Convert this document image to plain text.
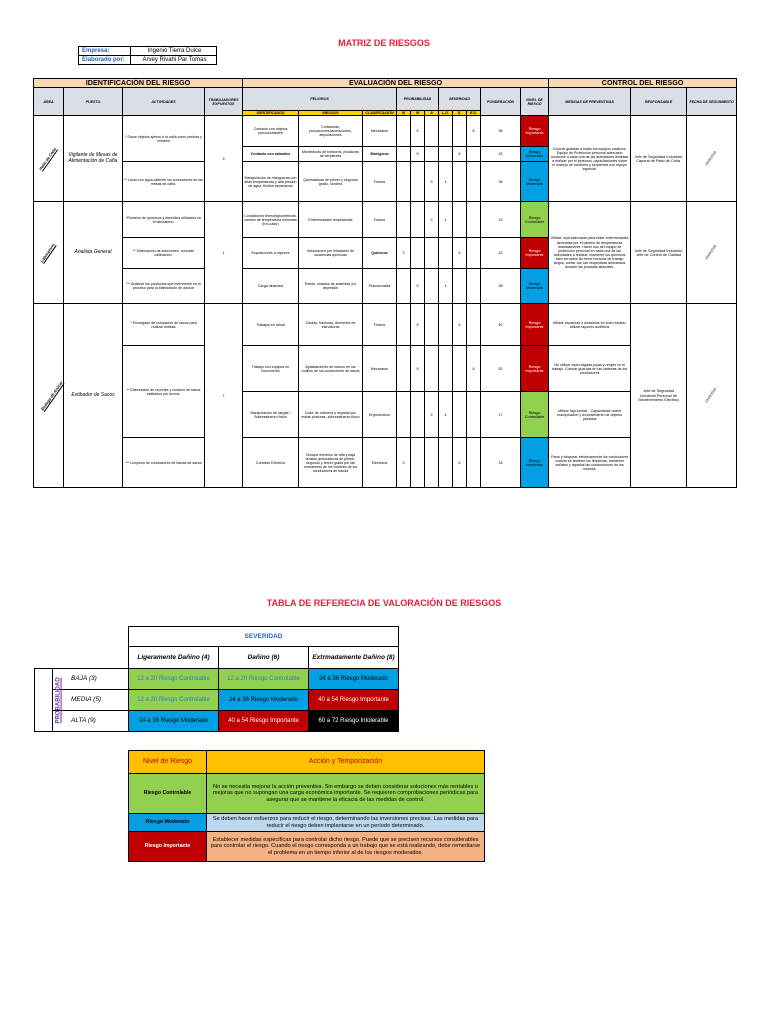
MATRIZ DE RIESGOS
Empresa:	Ingenio Tierra Dulce
Elaborado por:	Arvey Rivahi Par Tomas
IDENTIFICACIÓN DEL RIESGO				EVALUACIÓN DEL RIESGO											CONTROL DEL RIESGO		
ÁREA	PUESTO	ACTIVIDADES	TRABAJADORES EXPUESTOS	PELIGROS			PROBABILIDAD			SEVERIDAD			PONDERACIÓN	NIVEL DE RIESGO	MEDIDAS DE PREVENTIVAS	RESPONSABLE	FECHA DE SEGUIMIENTO
				IDENTIFICADOS	RIESGOS	CLASIFICACIÓN	B	M	A	L.D.	D.	E.D.					
Patio de Caña	Vigilante de Mesas de Alimentación de Caña	* Sacar objetos ajenos a la caña como piedras y metales	3	Contacto con objetos punzocortantes	Cortaduras, punzaciones,laceraciones, amputaciones	Mecánicos		5				8	58	Riesgo Importante	Colocar guardas a todas los equipos rotativos. Equipo de Protección personal adecuado conforme a cada una de las actividades distintas a realizar por el personal, capacitaciones sobre el manejo de roedores y serpientes con equipo especial.	Jefe de Seguridad Industrial, Caporal de Patio de Caña.	12/05/2019
				Contacto con animales	Mordeduras de roedores, picaduras de serpientes	Biológicos		5			6		25	Riesgo Moderado			
		** Lavar con agua caliente los conductores de las mesas de caña.		Manipulación de mangueras con altas temperaturas y alta presión de agua, fluidos expansivos	Quemaduras de primer y segundo grado, sordera	Físicos			9	4			36	Riesgo Moderado			
Laboratorio	Analista General	*Revisión de químicos y utensilios utilizados en el laboratorio.	1	Condiciones termohigrométricas, cambio de temperatura extremas (frío-calor)	Enfermedades respiratorias	Físicos			9	4			15	Riesgo Controlable	Utilizar ropa adecuada para evitar enfermedades derivadas por el cambio de temperaturas drásticamente. Hacer uso del equipo de protección personal en cada una de las actividades a realizar, mantener los químicos bien cerrados No tener horarios de trabajo largos, contar con las respectivas descansos durante las jornadas laborales.	Jefe de Seguridad Industrial, Jefe de Control de Calidad	12/05/2019
		** Elaboración de soluciones, cuncade calibración.		Exposiciones a vapores	Intoxicación por inhalación de sustancias químicas	Químicos	3				6		42	Riesgo Importante			
		*** Analizar los productos que intervienen en el proceso para la elaboración de azúcar		Carga dinámica	Estrés, estados de ansiedad y/o depresión	Psicosociales		5		4			28	Riesgo Moderado			
Bodega de Azúcar	Estibador de Sacos	* Encargado de colocación de sacos para realizar estibas	7	Trabajos en altura	Caídas, fracturas, derrumbe de estructuras	Físicos		5			6		40	Riesgo Importante	Utilizar escaleras o andamios en buen estado, utilizar tapones auditivos	Jefe de Seguridad Industrial,Personal de Mantenimiento Eléctrico	12/05/2019
		** Elaboración de reportes y cuadros de sacos estibados por turnos.		Trabajo con equipos en movimiento	Aplastamiento de manos en los rodillos de los conductores de sacos	Mecánicos		5				8	52	Riesgo Importante	No utilizar ropa holgada,joyas y relojes en el trabajo. Colocar guardas en las cadenas de los conductores		
				Manipulación de cargas / Sobreesfuerzo físico	Dolor de columna y espalda por malas posturas, sobreesfuerzo físico	Ergonómicos			9	4			17	Riesgo Controlable	Utilizar faja lumbar . Capacitación sobre manipulacion y levantamiento de objetos pesados		
		*** Limpieza de conductores de banda de sacos		Contacto Eléctrico	Choque eléctrico de alta y baja tensión,quemaduras de primer, segundo y tercer grado por las conexiones de los motores de los conductores de banda	Eléctricos	3				6		33	Riesgo Moderado	Parar y bloquear eléctricamente los conductores cuando se realicen los limpiezas, mantener señales y tapados las conducciones de los motores.		
TABLA DE REFERECIA DE VALORACIÓN DE RIESGOS
		SEVERIDAD		
		Ligeramente Dañino (4)	Dañino (6)	Extrmadamente Dañino (8)
PROBABILIDAD	BAJA (3)	12 a 20 Riesgo Controlable	12 a 20 Riesgo Controlable	24 a 36 Riesgo Moderado
	MEDIA (5)	12 a 20 Riesgo Controlable	24 a 36 Riesgo Moderado	40 a 54 Riesgo Importante
	ALTA (9)	24 a 36 Riesgo Moderado	40 a 54 Riesgo Importante	60 a 72 Riesgo Intolerable
Nivel de Riesgo	Acción y Temporización
Riesgo Controlable	No se necesita mejorar la acción preventiva. Sin embargo se deben considerar soluciones más rentables o mejoras que no supongan una carga económica importante. Se requieren comprobaciones periódicas para asegurar que se mantiene la eficacia de las medidas de control.
Riesgo Moderado	Se deben hacer esfuerzos para reducir el riesgo, determinando las inversiones precisas. Las medidas para reducir el riesgo deben implantarse en un período determinado.
Riesgo Importante	Establecer medidas específicas para controlar dicho riesgo. Puede que se precisen recursos considerables para controlar el riesgo. Cuando el riesgo corresponda a un trabajo que se está realizando, debe remediarse el problema en un tiempo inferior al de los riesgos moderados.
